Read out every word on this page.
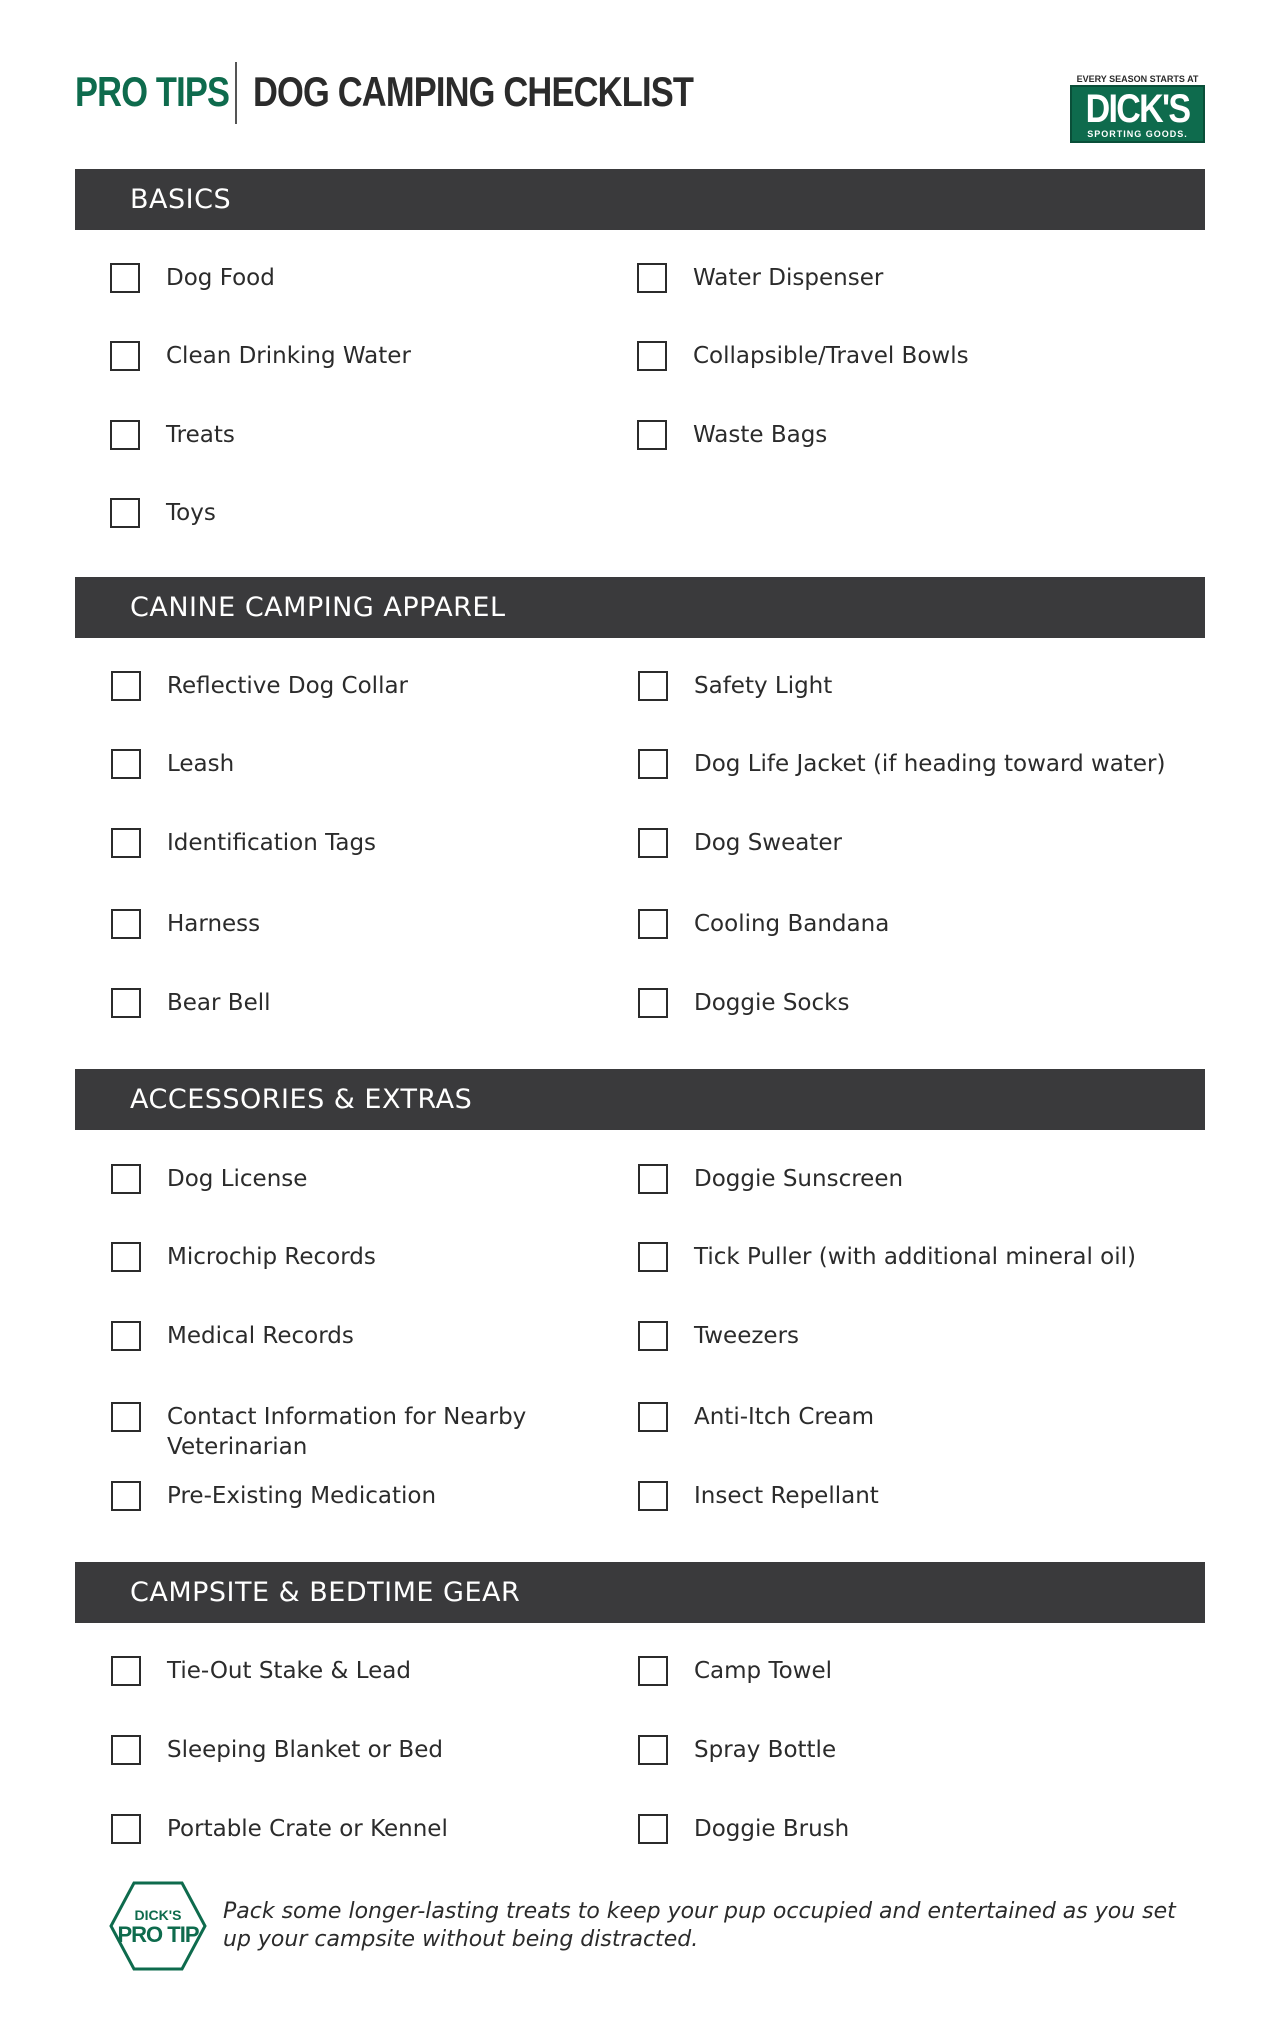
PRO TIPS DOG CAMPING CHECKLIST	EVERY SEASON STARTS AT
DICK'S
SPORTING GOODS.
BASICS
Dog Food
Clean Drinking Water
Treats
Toys
Water Dispenser
Collapsible/Travel Bowls
Waste Bags
CANINE CAMPING APPAREL
Reflective Dog Collar
Leash
Identification Tags
Harness
Bear Bell
Safety Light
Dog Life Jacket (if heading toward water)
Dog Sweater
Cooling Bandana
Doggie Socks
ACCESSORIES & EXTRAS
Dog License
Microchip Records
Medical Records
Contact Information for Nearby Veterinarian
Pre-Existing Medication
Doggie Sunscreen
Tick Puller (with additional mineral oil)
Tweezers
Anti-Itch Cream
Insect Repellant
CAMPSITE & BEDTIME GEAR
Tie-Out Stake & Lead
Sleeping Blanket or Bed
Portable Crate or Kennel
Camp Towel
Spray Bottle
Doggie Brush
DICK'S
PRO TIP
Pack some longer-lasting treats to keep your pup occupied and entertained as you set up your campsite without being distracted.
